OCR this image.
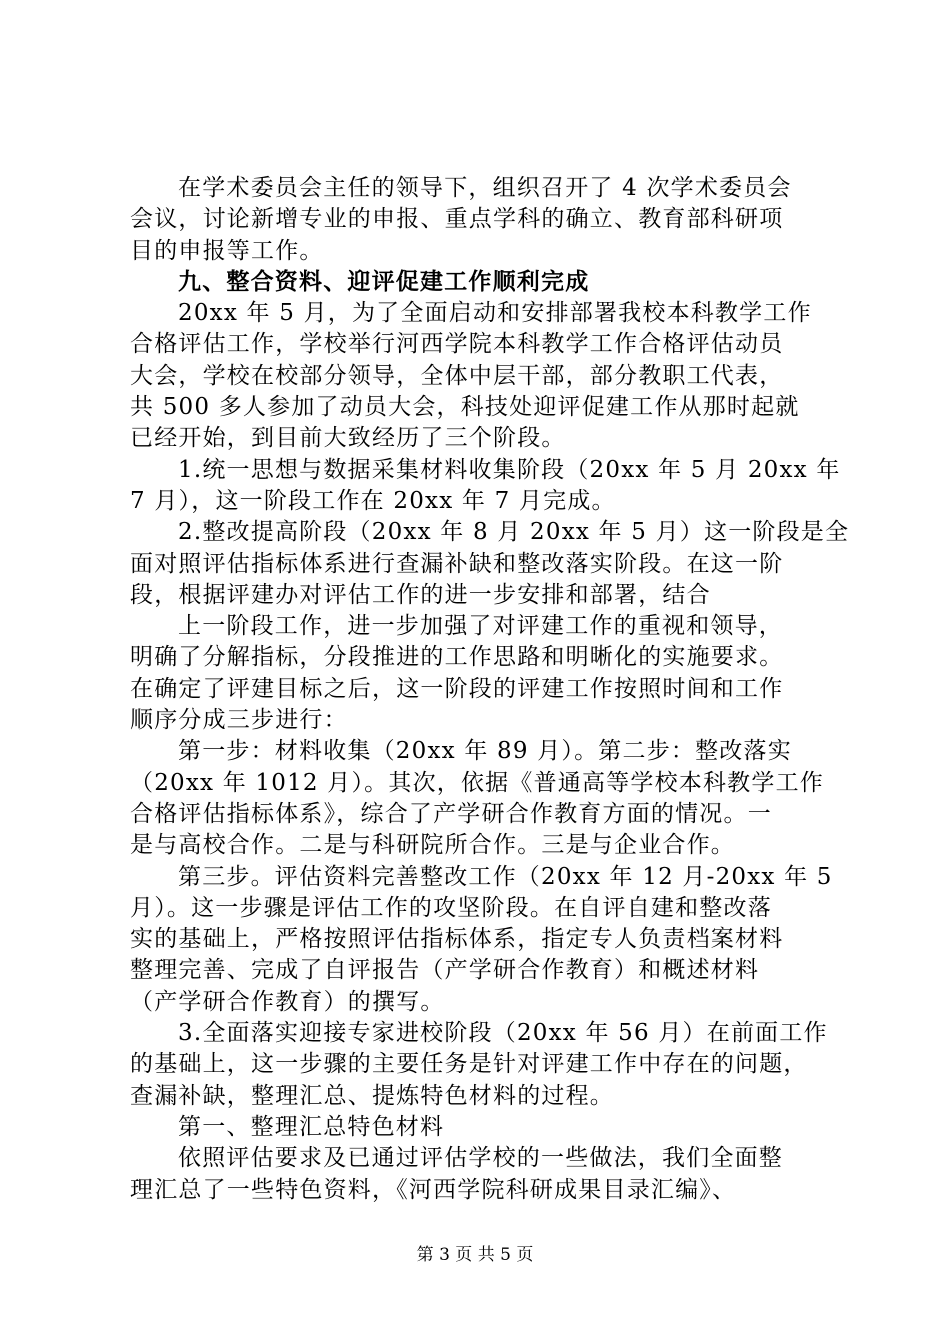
在学术委员会主任的领导下，组织召开了 4 次学术委员会
会议，讨论新增专业的申报、重点学科的确立、教育部科研项
目的申报等工作。
九、整合资料、迎评促建工作顺利完成
20xx 年 5 月，为了全面启动和安排部署我校本科教学工作
合格评估工作，学校举行河西学院本科教学工作合格评估动员
大会，学校在校部分领导，全体中层干部，部分教职工代表，
共 500 多人参加了动员大会，科技处迎评促建工作从那时起就
已经开始，到目前大致经历了三个阶段。
1.统一思想与数据采集材料收集阶段（20xx 年 5 月 20xx 年
7 月），这一阶段工作在 20xx 年 7 月完成。
2.整改提高阶段（20xx 年 8 月 20xx 年 5 月）这一阶段是全
面对照评估指标体系进行查漏补缺和整改落实阶段。在这一阶
段，根据评建办对评估工作的进一步安排和部署，结合
上一阶段工作，进一步加强了对评建工作的重视和领导，
明确了分解指标，分段推进的工作思路和明晰化的实施要求。
在确定了评建目标之后，这一阶段的评建工作按照时间和工作
顺序分成三步进行：
第一步：材料收集（20xx 年 89 月）。第二步：整改落实
（20xx 年 1012 月）。其次，依据《普通高等学校本科教学工作
合格评估指标体系》，综合了产学研合作教育方面的情况。一
是与高校合作。二是与科研院所合作。三是与企业合作。
第三步。评估资料完善整改工作（20xx 年 12 月-20xx 年 5
月）。这一步骤是评估工作的攻坚阶段。在自评自建和整改落
实的基础上，严格按照评估指标体系，指定专人负责档案材料
整理完善、完成了自评报告（产学研合作教育）和概述材料
（产学研合作教育）的撰写。
3.全面落实迎接专家进校阶段（20xx 年 56 月）在前面工作
的基础上，这一步骤的主要任务是针对评建工作中存在的问题，
查漏补缺，整理汇总、提炼特色材料的过程。
第一、整理汇总特色材料
依照评估要求及已通过评估学校的一些做法，我们全面整
理汇总了一些特色资料，《河西学院科研成果目录汇编》、
第 3 页 共 5 页
